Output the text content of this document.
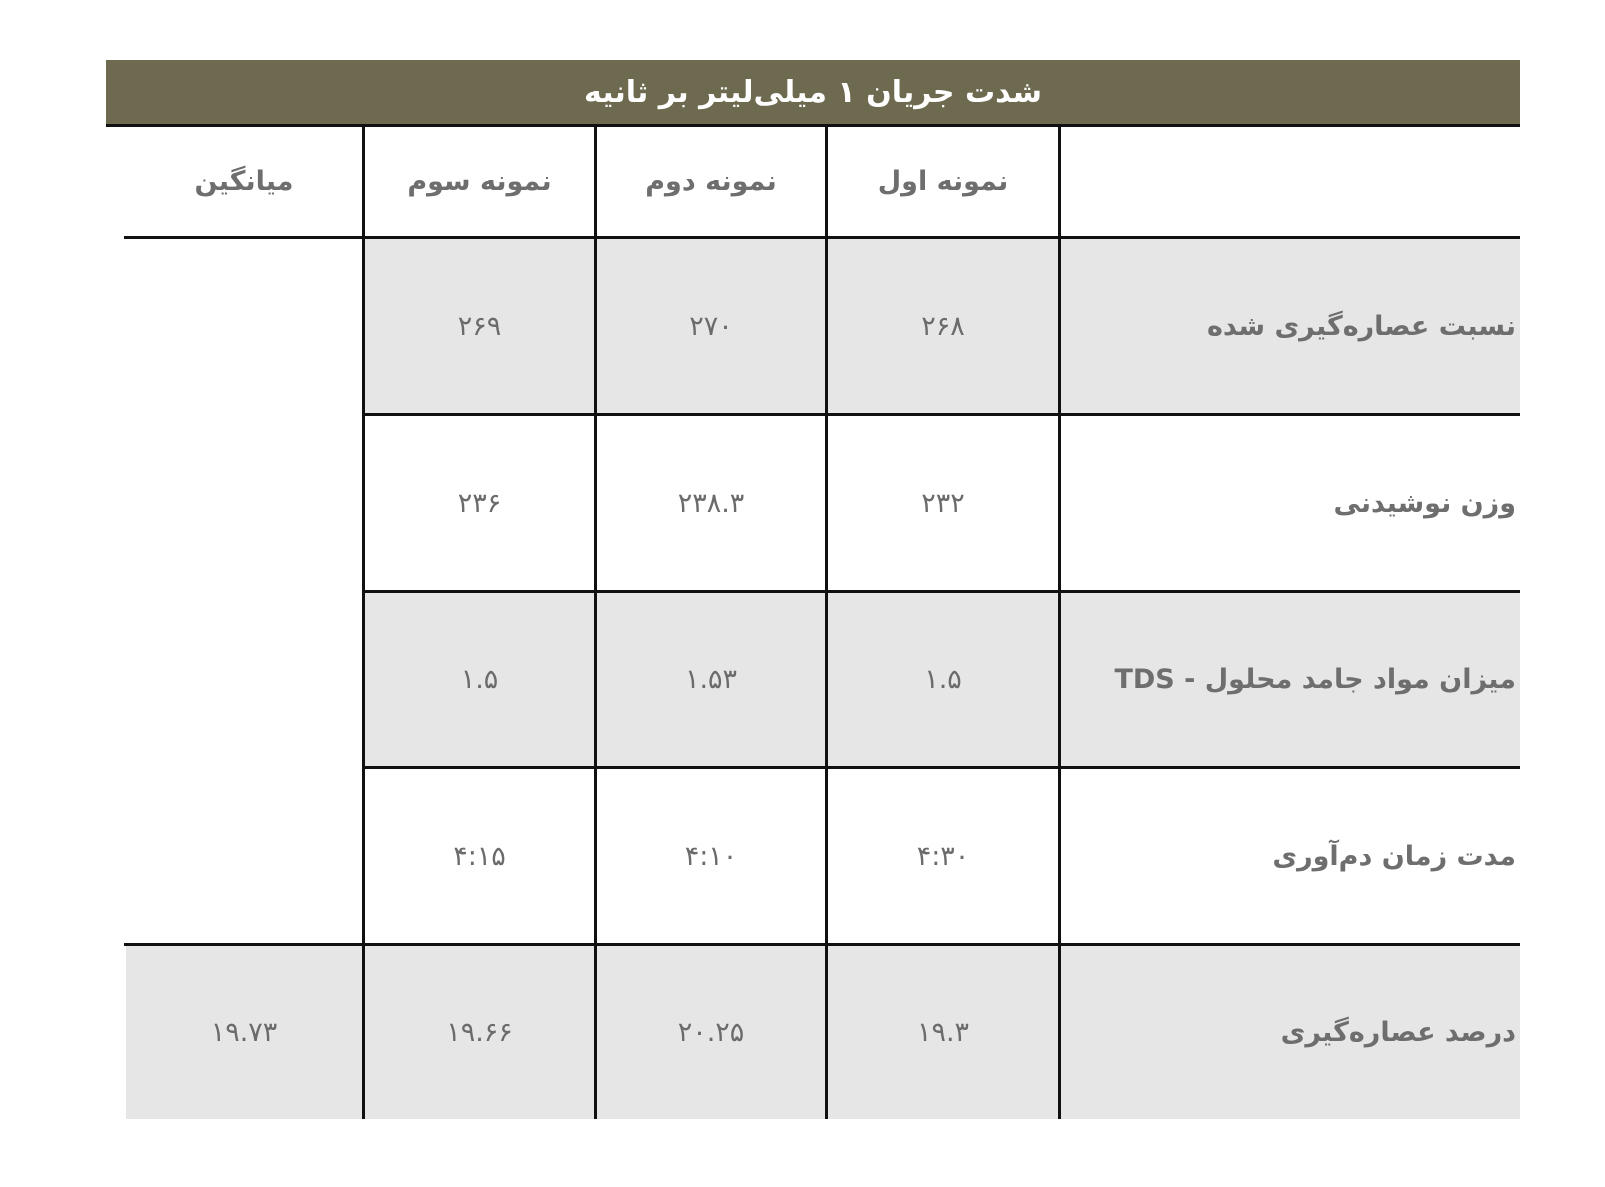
شدت جریان ۱ میلی‌لیتر بر ثانیه
نمونه اول
نمونه دوم
نمونه سوم
میانگین
نسبت عصاره‌گیری شده
۲۶۸
۲۷۰
۲۶۹
وزن نوشیدنی
۲۳۲
۲۳۸.۳
۲۳۶
میزان مواد جامد محلول - TDS
۱.۵
۱.۵۳
۱.۵
مدت زمان دم‌آوری
۴:۳۰
۴:۱۰
۴:۱۵
درصد عصاره‌گیری
۱۹.۳
۲۰.۲۵
۱۹.۶۶
۱۹.۷۳
